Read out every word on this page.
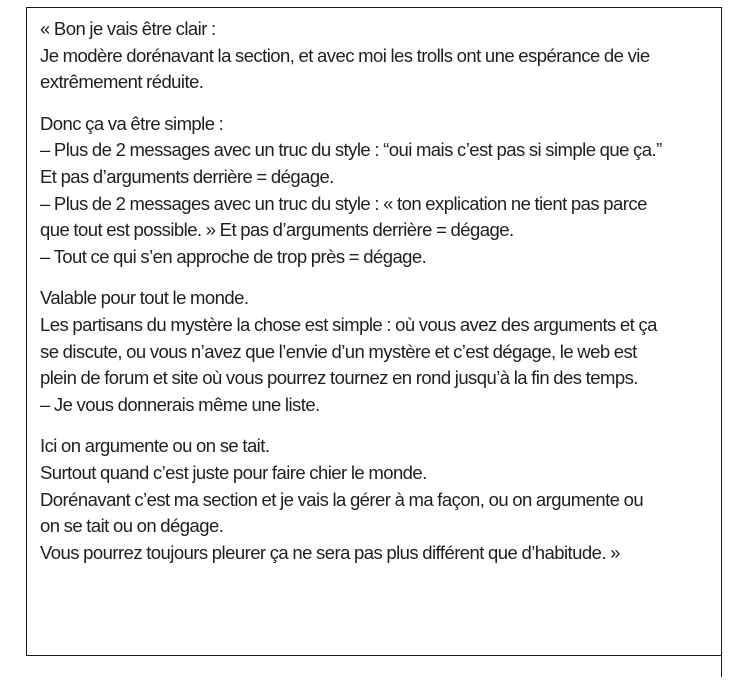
« Bon je vais être clair :
Je modère dorénavant la section, et avec moi les trolls ont une espérance de vie
extrêmement réduite.
Donc ça va être simple :
– Plus de 2 messages avec un truc du style : “oui mais c’est pas si simple que ça.”
Et pas d’arguments derrière = dégage.
– Plus de 2 messages avec un truc du style : « ton explication ne tient pas parce
que tout est possible. » Et pas d’arguments derrière = dégage.
– Tout ce qui s’en approche de trop près = dégage.
Valable pour tout le monde.
Les partisans du mystère la chose est simple : où vous avez des arguments et ça
se discute, ou vous n’avez que l’envie d’un mystère et c’est dégage, le web est
plein de forum et site où vous pourrez tournez en rond jusqu’à la fin des temps.
– Je vous donnerais même une liste.
Ici on argumente ou on se tait.
Surtout quand c’est juste pour faire chier le monde.
Dorénavant c’est ma section et je vais la gérer à ma façon, ou on argumente ou
on se tait ou on dégage.
Vous pourrez toujours pleurer ça ne sera pas plus différent que d’habitude. »
